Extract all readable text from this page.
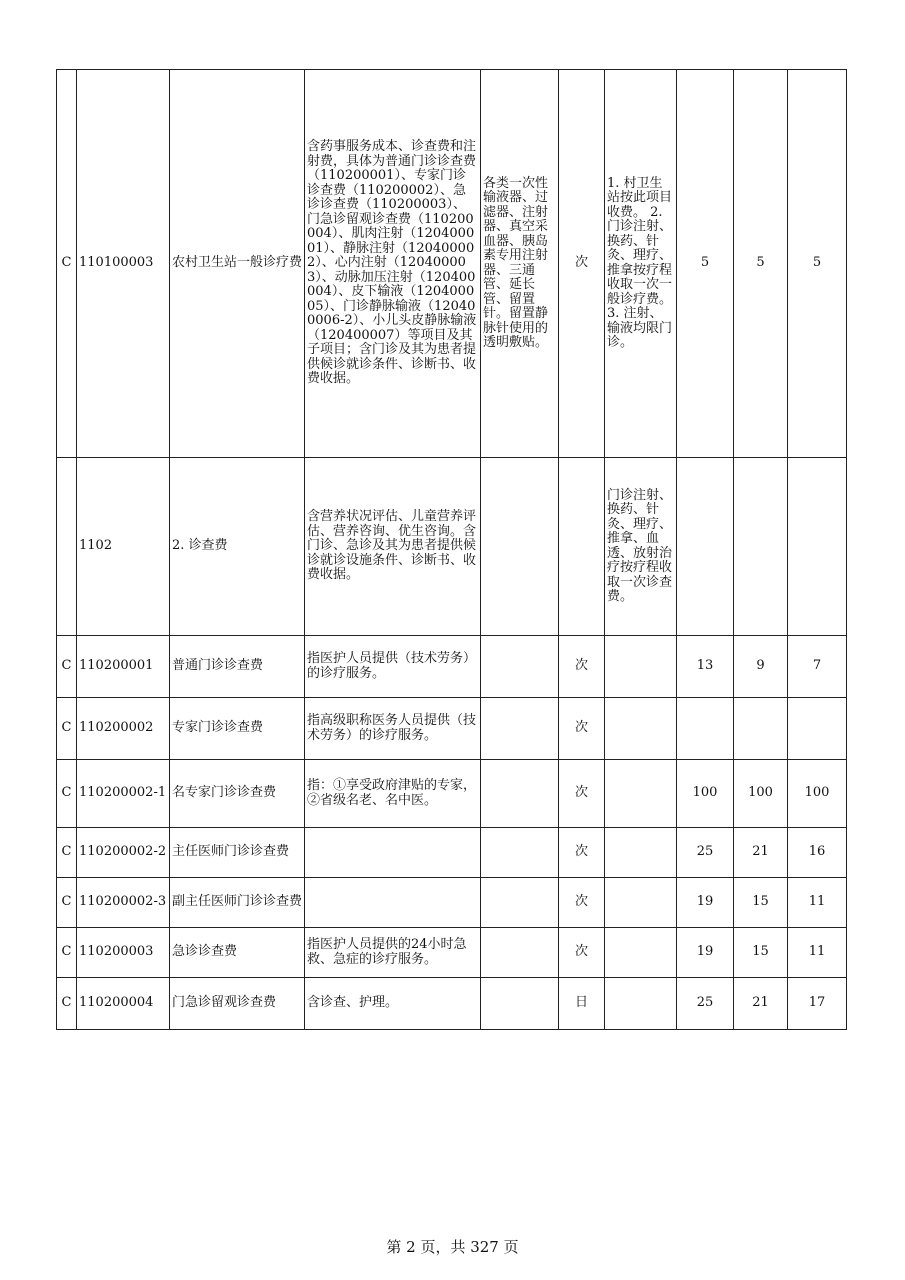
C	110100003	农村卫生站一般诊疗费	含药事服务成本、诊查费和注射费，具体为普通门诊诊查费（110200001）、专家门诊诊查费（110200002）、急诊诊查费（110200003）、门急诊留观诊查费（110200004）、肌肉注射（120400001）、静脉注射（120400002）、心内注射（120400003）、动脉加压注射（120400004）、皮下输液（120400005）、门诊静脉输液（120400006-2）、小儿头皮静脉输液（120400007）等项目及其子项目；含门诊及其为患者提供候诊就诊条件、诊断书、收费收据。	各类一次性输液器、过滤器、注射器、真空采血器、胰岛素专用注射器、三通管、延长管、留置针。留置静脉针使用的透明敷贴。	次	1. 村卫生站按此项目收费。 2. 门诊注射、换药、针灸、理疗、推拿按疗程收取一次一般诊疗费。 3. 注射、输液均限门诊。	5	5	5
	1102	2. 诊查费	含营养状况评估、儿童营养评估、营养咨询、优生咨询。含门诊、急诊及其为患者提供候诊就诊设施条件、诊断书、收费收据。			门诊注射、换药、针灸、理疗、推拿、血透、放射治疗按疗程收取一次诊查费。			
C	110200001	普通门诊诊查费	指医护人员提供（技术劳务）的诊疗服务。		次		13	9	7
C	110200002	专家门诊诊查费	指高级职称医务人员提供（技术劳务）的诊疗服务。		次				
C	110200002-1	名专家门诊诊查费	指：①享受政府津贴的专家，②省级名老、名中医。		次		100	100	100
C	110200002-2	主任医师门诊诊查费			次		25	21	16
C	110200002-3	副主任医师门诊诊查费			次		19	15	11
C	110200003	急诊诊查费	指医护人员提供的24小时急救、急症的诊疗服务。		次		19	15	11
C	110200004	门急诊留观诊查费	含诊查、护理。		日		25	21	17
第 2 页，共 327 页
